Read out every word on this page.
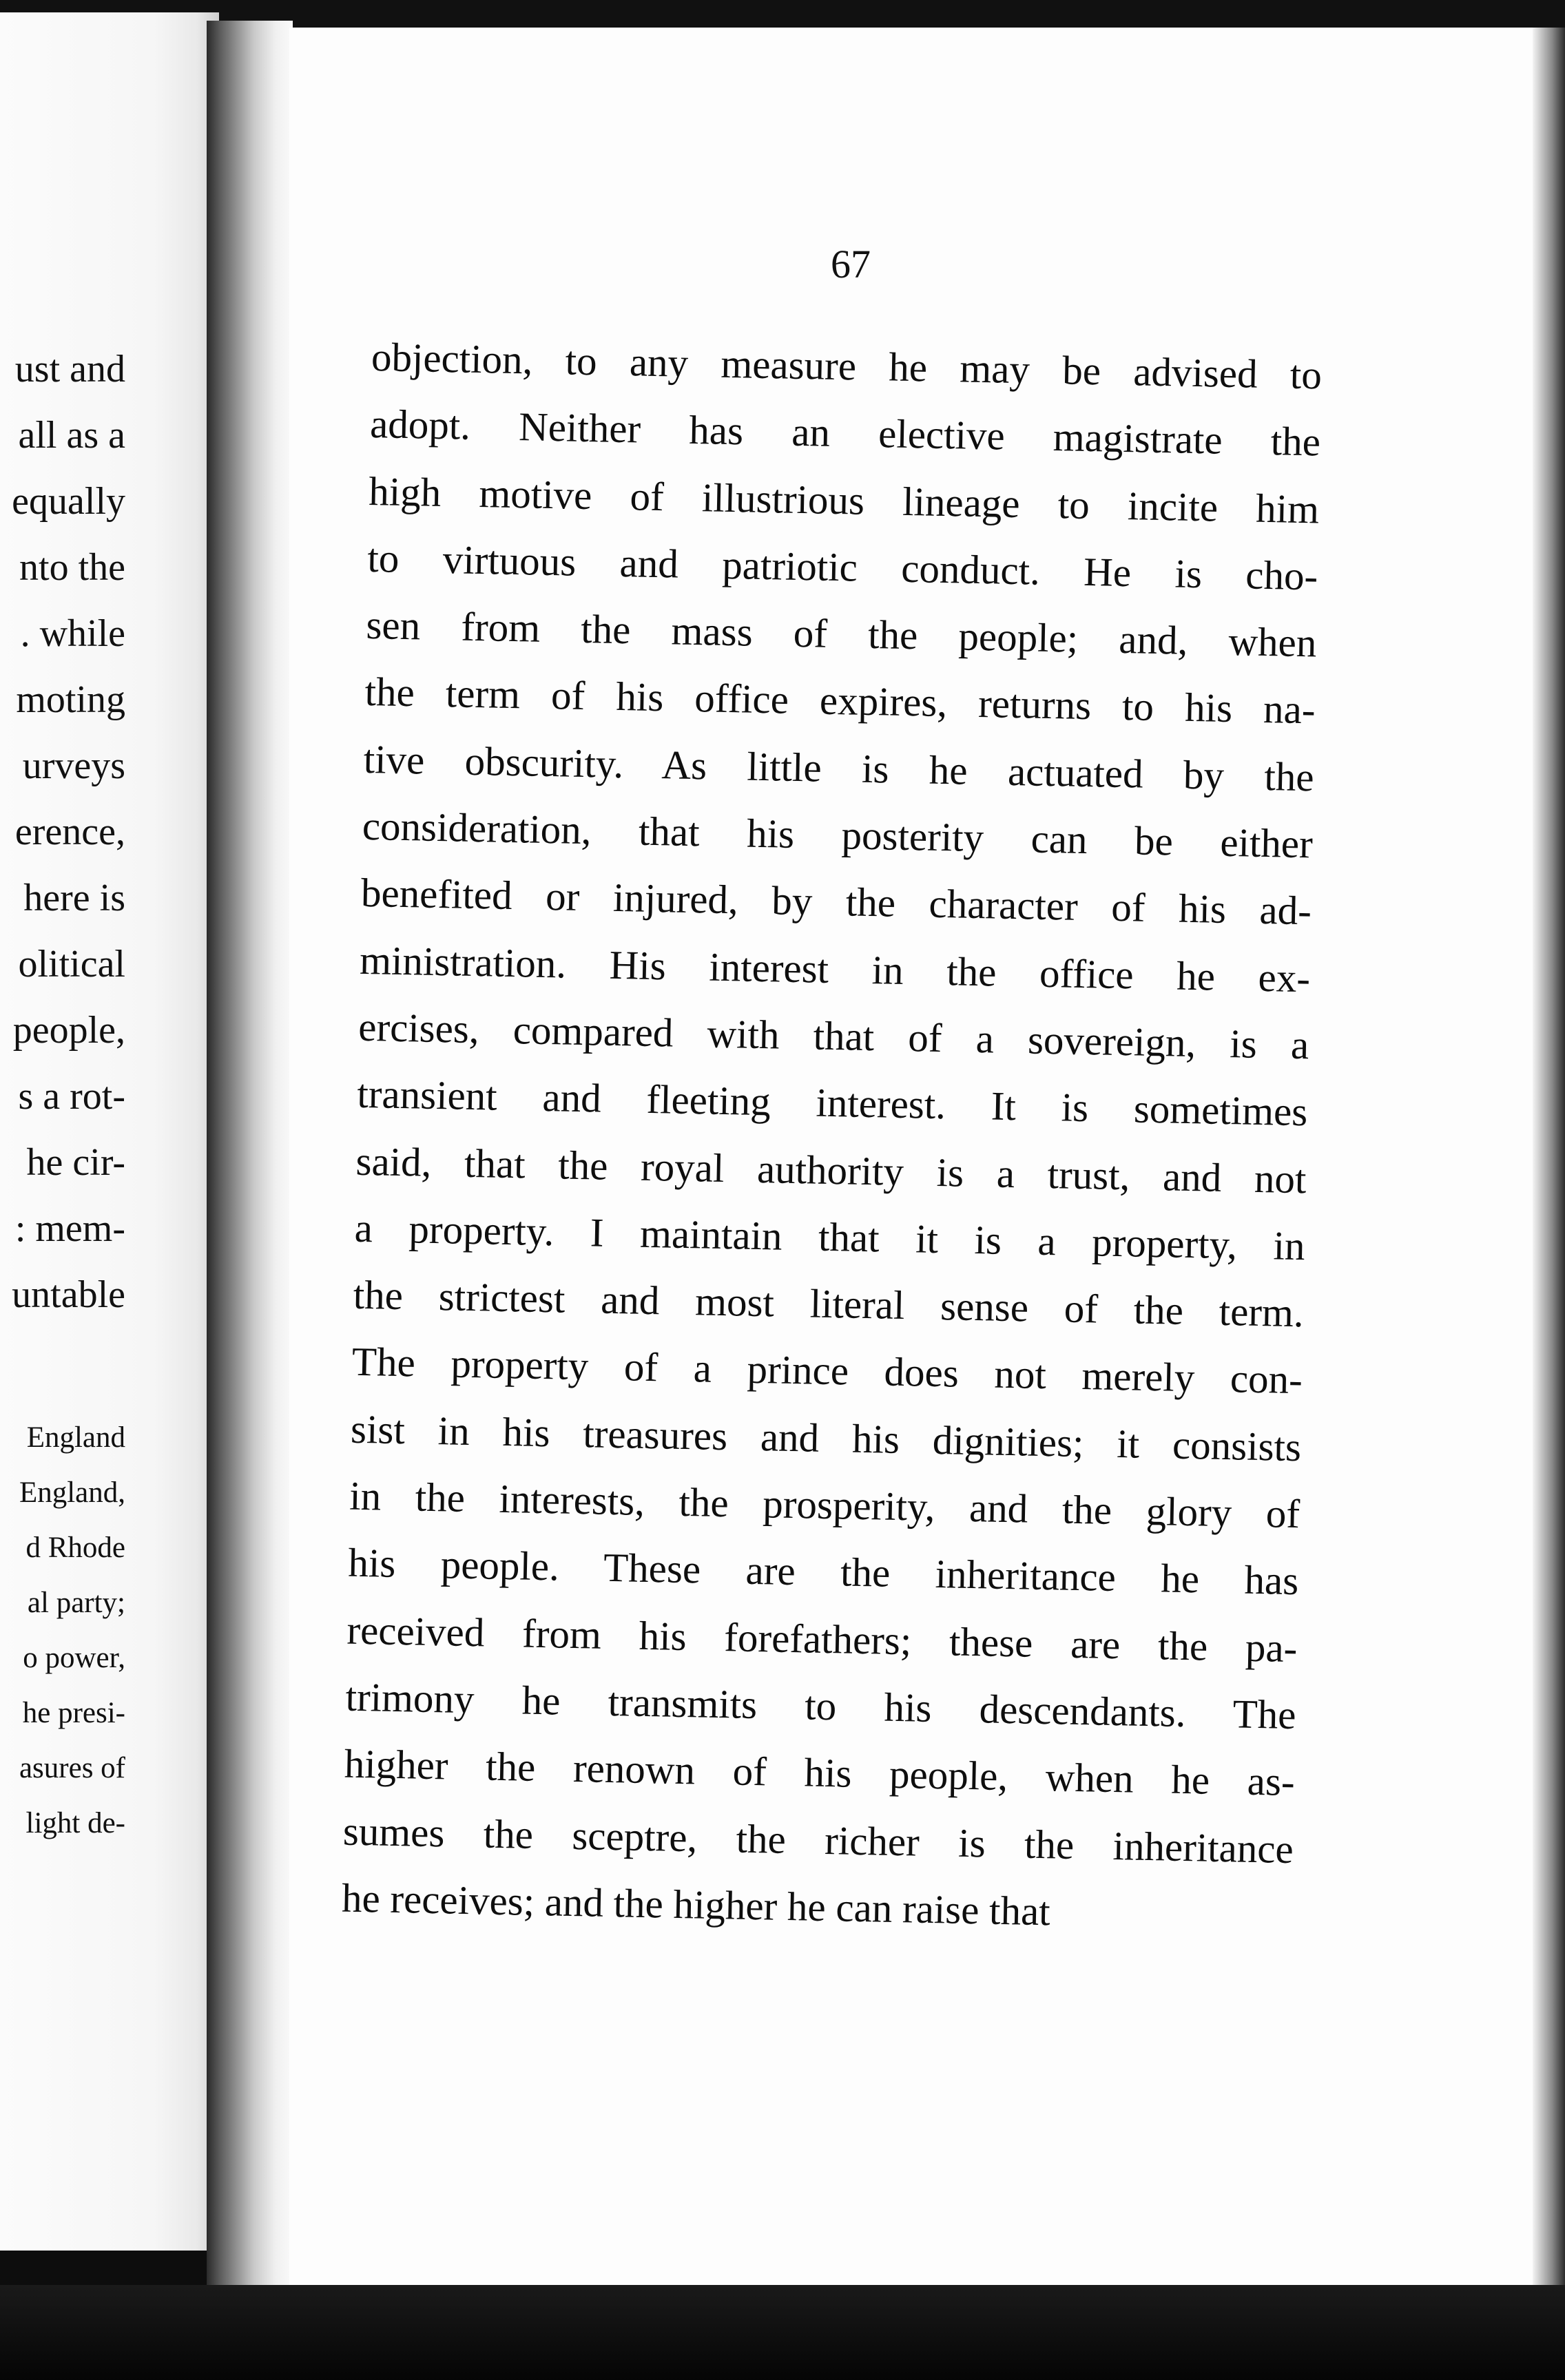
ust and
all as a
equally
nto the
. while
moting
urveys
erence,
here is
olitical
people,
s a rot-
he cir-
: mem-
untable
England
England,
d Rhode
al party;
o power,
he presi-
asures of
light de-
67
objection, to any measure he may be advised to
adopt. Neither has an elective magistrate the
high motive of illustrious lineage to incite him
to virtuous and patriotic conduct. He is cho-
sen from the mass of the people; and, when
the term of his office expires, returns to his na-
tive obscurity. As little is he actuated by the
consideration, that his posterity can be either
benefited or injured, by the character of his ad-
ministration. His interest in the office he ex-
ercises, compared with that of a sovereign, is a
transient and fleeting interest. It is sometimes
said, that the royal authority is a trust, and not
a property. I maintain that it is a property, in
the strictest and most literal sense of the term.
The property of a prince does not merely con-
sist in his treasures and his dignities; it consists
in the interests, the prosperity, and the glory of
his people. These are the inheritance he has
received from his forefathers; these are the pa-
trimony he transmits to his descendants. The
higher the renown of his people, when he as-
sumes the sceptre, the richer is the inheritance
he receives; and the higher he can raise that
